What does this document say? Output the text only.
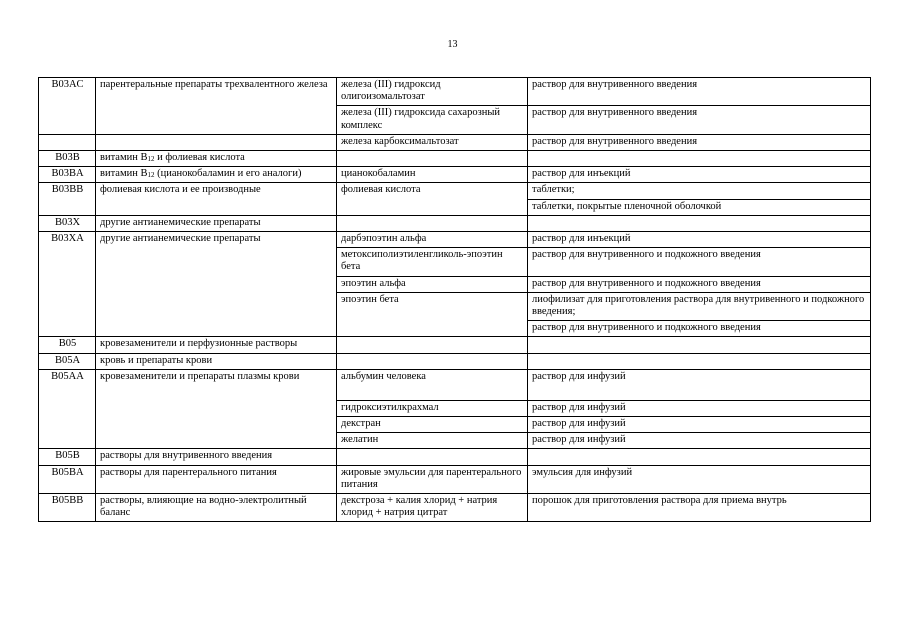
13
B03AC	парентеральные препараты трехвалентного железа	железа (III) гидроксид олигоизомальтозат	раствор для внутривенного введения
		железа (III) гидроксида сахарозный комплекс	раствор для внутривенного введения
		железа карбоксимальтозат	раствор для внутривенного введения
B03B	витамин $B_{12}$ и фолиевая кислота		
B03BA	витамин $B_{12}$ (цианокобаламин и его аналоги)	цианокобаламин	раствор для инъекций
B03BB	фолиевая кислота и ее производные	фолиевая кислота	таблетки;
			таблетки, покрытые пленочной оболочкой
B03X	другие антианемические препараты		
B03XA	другие антианемические препараты	дарбэпоэтин альфа	раствор для инъекций
		метоксиполиэтиленгликоль-эпоэтин бета	раствор для внутривенного и подкожного введения
		эпоэтин альфа	раствор для внутривенного и подкожного введения
		эпоэтин бета	лиофилизат для приготовления раствора для внутривенного и подкожного введения;
			раствор для внутривенного и подкожного введения
B05	кровезаменители и перфузионные растворы		
B05A	кровь и препараты крови		
B05AA	кровезаменители и препараты плазмы крови	альбумин человека	раствор для инфузий
		гидроксиэтилкрахмал	раствор для инфузий
		декстран	раствор для инфузий
		желатин	раствор для инфузий
B05B	растворы для внутривенного введения		
B05BA	растворы для парентерального питания	жировые эмульсии для парентерального питания	эмульсия для инфузий
B05BB	растворы, влияющие на водно-электролитный баланс	декстроза + калия хлорид + натрия хлорид + натрия цитрат	порошок для приготовления раствора для приема внутрь
